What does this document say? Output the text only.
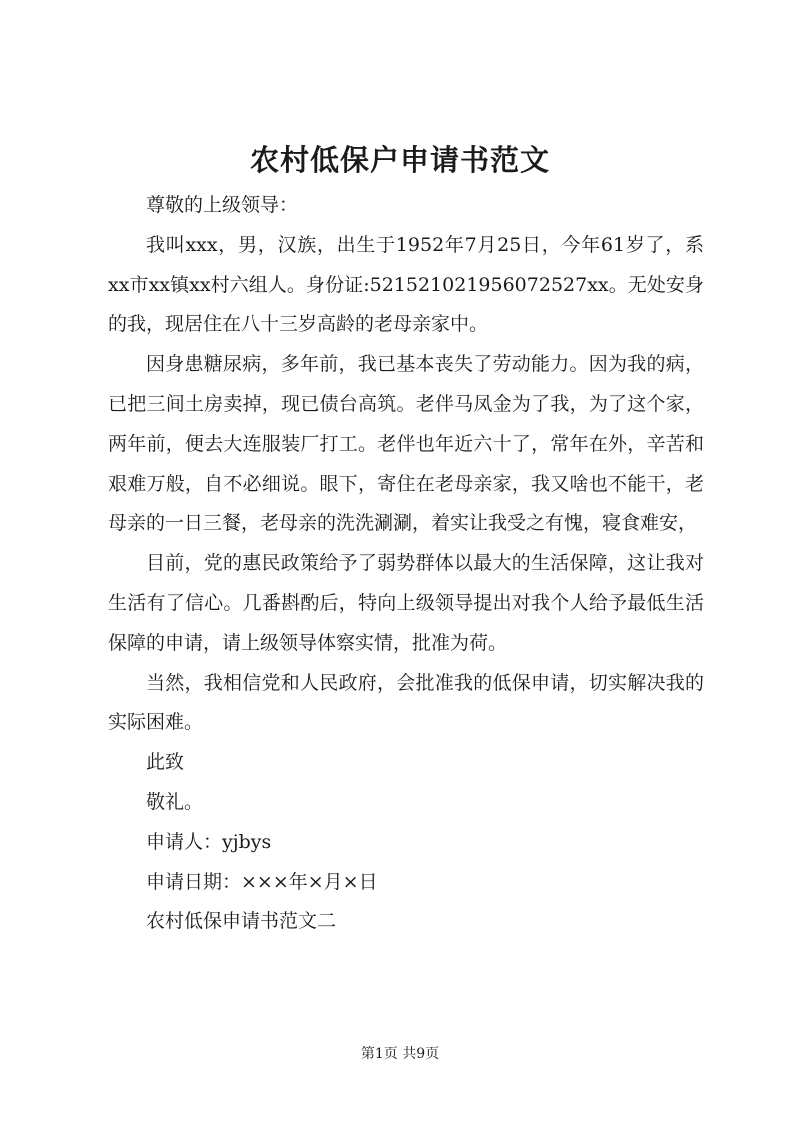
农村低保户申请书范文

尊敬的上级领导：

我叫xxx，男，汉族，出生于1952年7月25日，今年61岁了，系xx市xx镇xx村六组人。身份证:521521021956072527xx。无处安身的我，现居住在八十三岁高龄的老母亲家中。

因身患糖尿病，多年前，我已基本丧失了劳动能力。因为我的病，已把三间土房卖掉，现已债台高筑。老伴马凤金为了我，为了这个家，两年前，便去大连服装厂打工。老伴也年近六十了，常年在外，辛苦和艰难万般，自不必细说。眼下，寄住在老母亲家，我又啥也不能干，老母亲的一日三餐，老母亲的洗洗涮涮，着实让我受之有愧，寝食难安，

目前，党的惠民政策给予了弱势群体以最大的生活保障，这让我对生活有了信心。几番斟酌后，特向上级领导提出对我个人给予最低生活保障的申请，请上级领导体察实情，批准为荷。

当然，我相信党和人民政府，会批准我的低保申请，切实解决我的实际困难。

此致

敬礼。

申请人：yjbys

申请日期：×××年×月×日

农村低保申请书范文二

第1页 共9页
